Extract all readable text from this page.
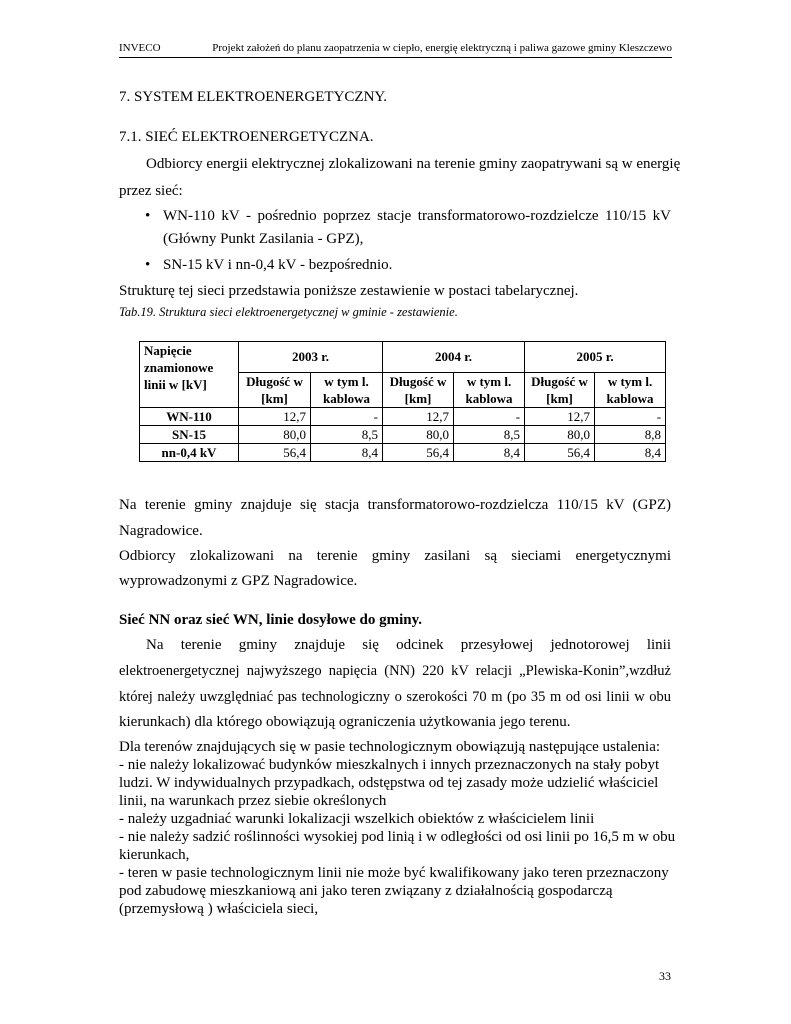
INVECO	Projekt założeń do planu zaopatrzenia w ciepło, energię elektryczną i paliwa gazowe gminy Kleszczewo
7. SYSTEM ELEKTROENERGETYCZNY.
7.1. SIEĆ ELEKTROENERGETYCZNA.
Odbiorcy energii elektrycznej zlokalizowani na terenie gminy zaopatrywani są w energię
przez sieć:
• WN-110 kV - pośrednio poprzez stacje transformatorowo-rozdzielcze 110/15 kV
(Główny Punkt Zasilania - GPZ),
• SN-15 kV i nn-0,4 kV - bezpośrednio.
Strukturę tej sieci przedstawia poniższe zestawienie w postaci tabelarycznej.
Tab.19. Struktura sieci elektroenergetycznej w gminie - zestawienie.
Napięcie znamionowe linii w [kV]	2003 r.		2004 r.		2005 r.	
	Długość w [km]	w tym l. kablowa	Długość w [km]	w tym l. kablowa	Długość w [km]	w tym l. kablowa
WN-110	12,7	-	12,7	-	12,7	-
SN-15	80,0	8,5	80,0	8,5	80,0	8,8
nn-0,4 kV	56,4	8,4	56,4	8,4	56,4	8,4
Na terenie gminy znajduje się stacja transformatorowo-rozdzielcza 110/15 kV (GPZ)
Nagradowice.
Odbiorcy zlokalizowani na terenie gminy zasilani są sieciami energetycznymi
wyprowadzonymi z GPZ Nagradowice.
Sieć NN oraz sieć WN, linie dosyłowe do gminy.
Na terenie gminy znajduje się odcinek przesyłowej jednotorowej linii
elektroenergetycznej najwyższego napięcia (NN) 220 kV relacji „Plewiska-Konin”,wzdłuż
której należy uwzględniać pas technologiczny o szerokości 70 m (po 35 m od osi linii w obu
kierunkach) dla którego obowiązują ograniczenia użytkowania jego terenu.
Dla terenów znajdujących się w pasie technologicznym obowiązują następujące ustalenia:
- nie należy lokalizować budynków mieszkalnych i innych przeznaczonych na stały pobyt
ludzi. W indywidualnych przypadkach, odstępstwa od tej zasady może udzielić właściciel
linii, na warunkach przez siebie określonych
- należy uzgadniać warunki lokalizacji wszelkich obiektów z właścicielem linii
- nie należy sadzić roślinności wysokiej pod linią i w odległości od osi linii po 16,5 m w obu
kierunkach,
- teren w pasie technologicznym linii nie może być kwalifikowany jako teren przeznaczony
pod zabudowę mieszkaniową ani jako teren związany z działalnością gospodarczą
(przemysłową ) właściciela sieci,
33
